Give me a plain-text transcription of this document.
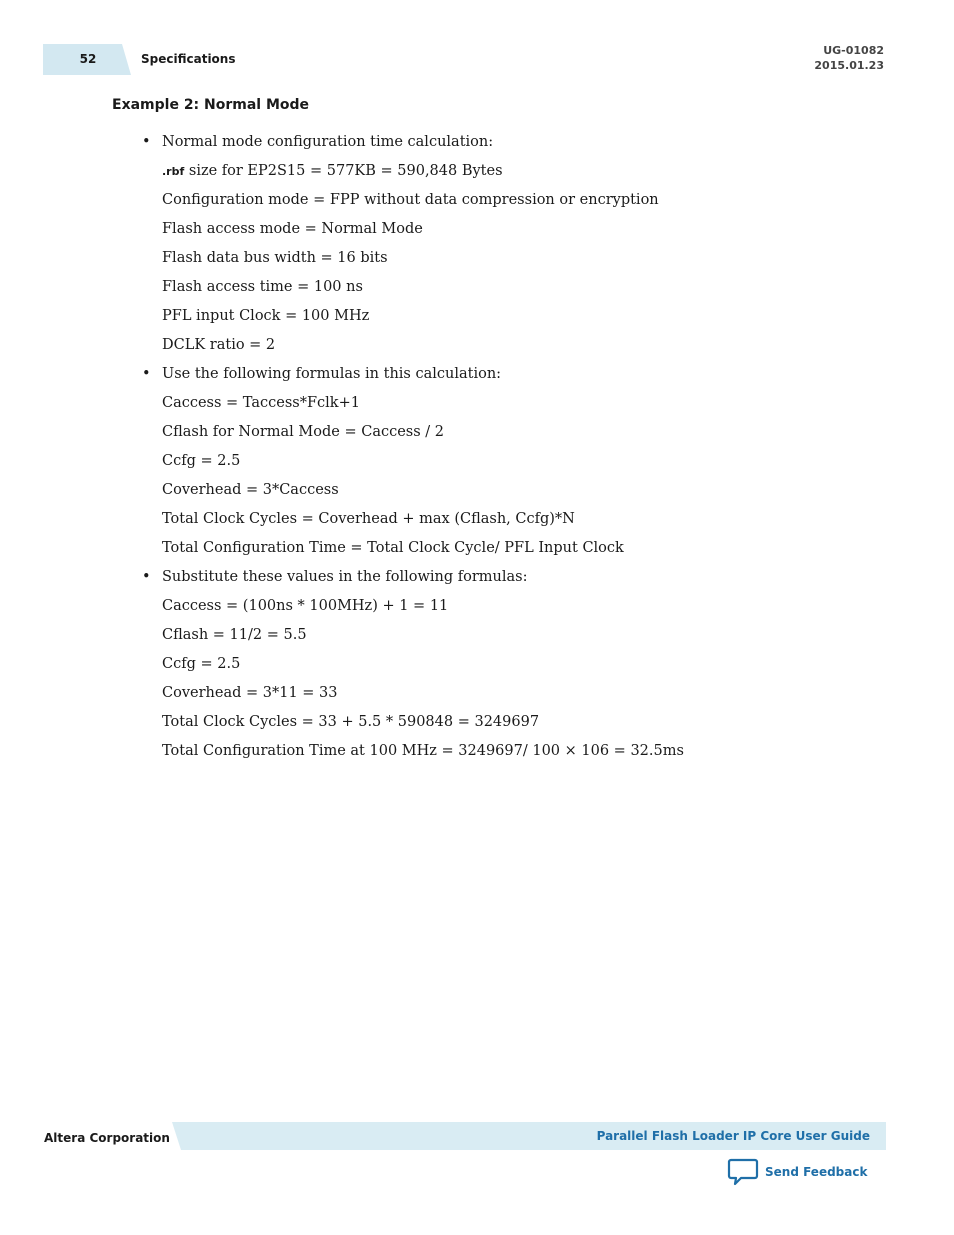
52	Specifications
UG-01082
2015.01.23
Example 2: Normal Mode
• Normal mode configuration time calculation:
.rbf size for EP2S15 = 577KB = 590,848 Bytes
Configuration mode = FPP without data compression or encryption
Flash access mode = Normal Mode
Flash data bus width = 16 bits
Flash access time = 100 ns
PFL input Clock = 100 MHz
DCLK ratio = 2
• Use the following formulas in this calculation:
Caccess = Taccess*Fclk+1
Cflash for Normal Mode = Caccess / 2
Ccfg = 2.5
Coverhead = 3*Caccess
Total Clock Cycles = Coverhead + max (Cflash, Ccfg)*N
Total Configuration Time = Total Clock Cycle/ PFL Input Clock
• Substitute these values in the following formulas:
Caccess = (100ns * 100MHz) + 1 = 11
Cflash = 11/2 = 5.5
Ccfg = 2.5
Coverhead = 3*11 = 33
Total Clock Cycles = 33 + 5.5 * 590848 = 3249697
Total Configuration Time at 100 MHz = 3249697/ 100 × 106 = 32.5ms
Altera Corporation	Parallel Flash Loader IP Core User Guide
Send Feedback
